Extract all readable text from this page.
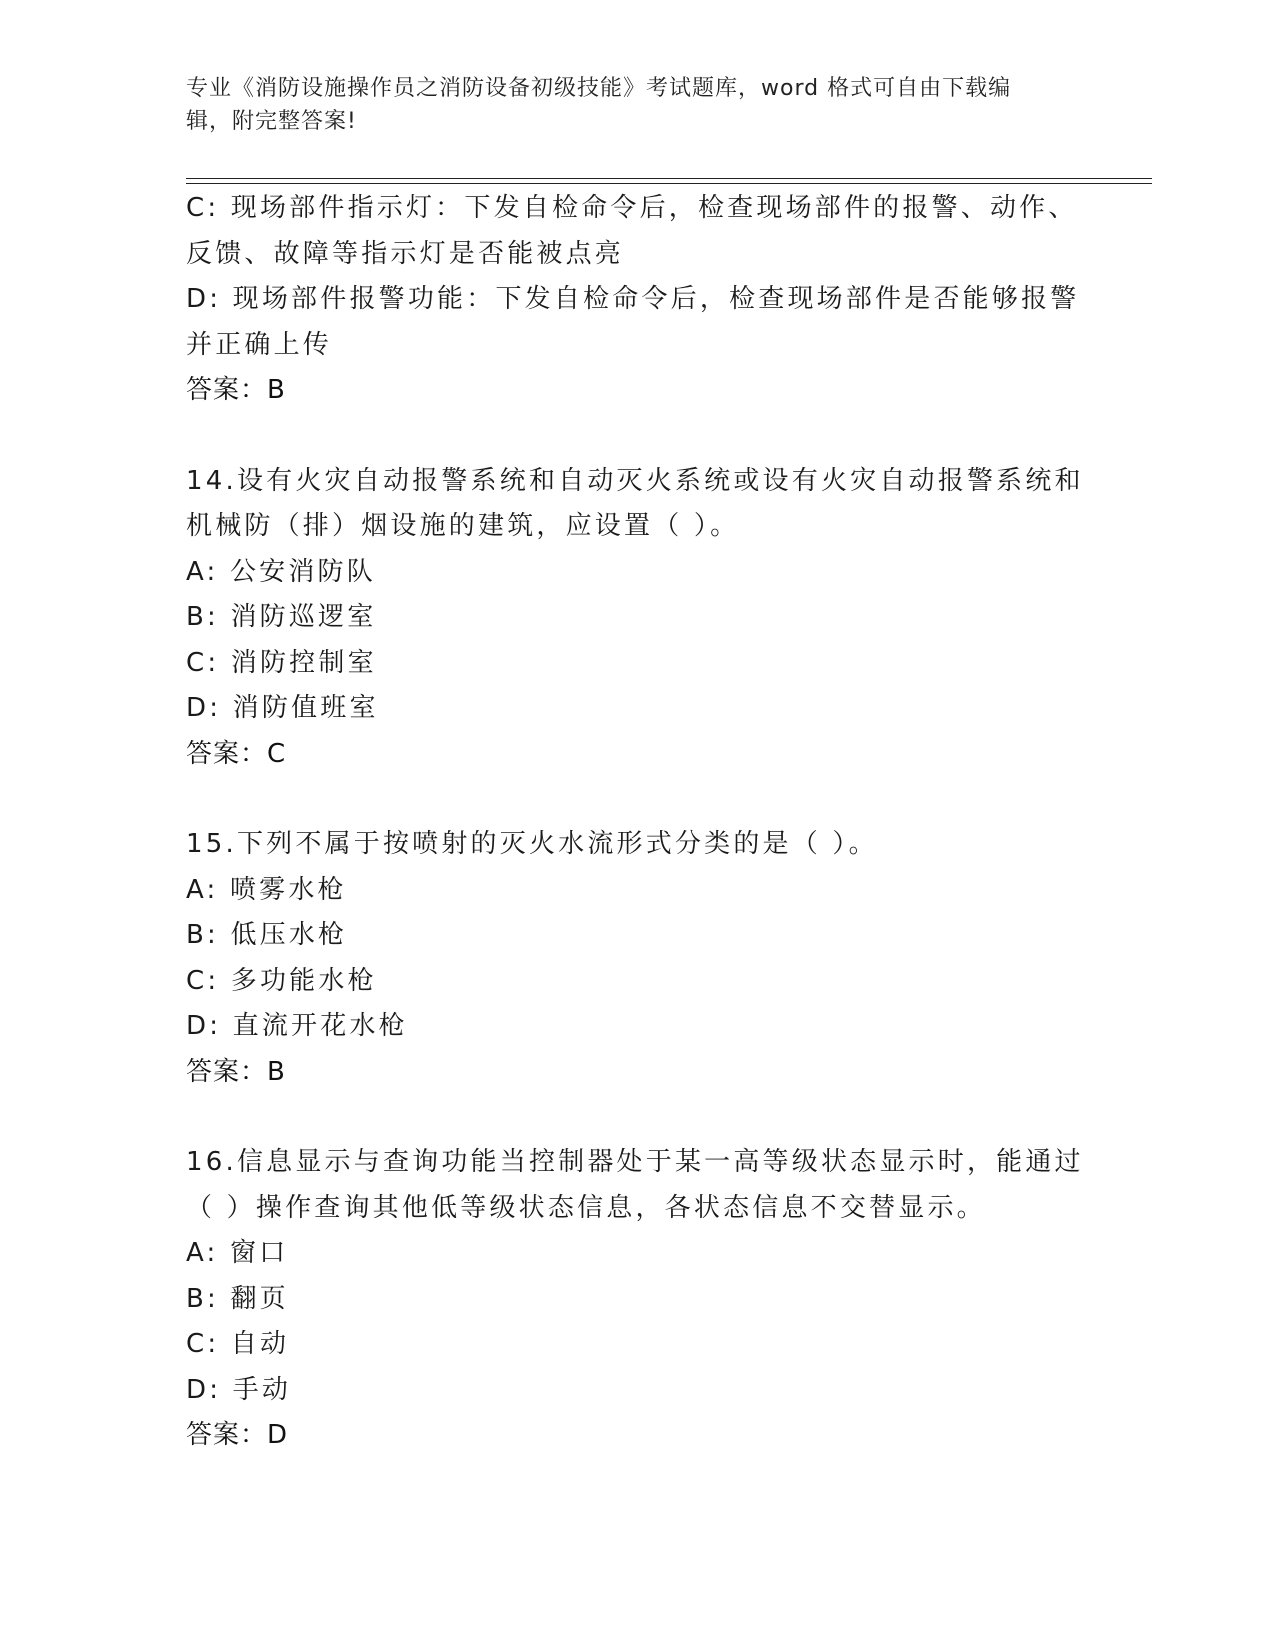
专业《消防设施操作员之消防设备初级技能》考试题库，word 格式可自由下载编
辑，附完整答案!
C: 现场部件指示灯：下发自检命令后，检查现场部件的报警、动作、
反馈、故障等指示灯是否能被点亮
D: 现场部件报警功能：下发自检命令后，检查现场部件是否能够报警
并正确上传
答案：B
14.设有火灾自动报警系统和自动灭火系统或设有火灾自动报警系统和
机械防（排）烟设施的建筑，应设置（ ）。
A: 公安消防队
B: 消防巡逻室
C: 消防控制室
D: 消防值班室
答案：C
15.下列不属于按喷射的灭火水流形式分类的是（ ）。
A: 喷雾水枪
B: 低压水枪
C: 多功能水枪
D: 直流开花水枪
答案：B
16.信息显示与查询功能当控制器处于某一高等级状态显示时，能通过
（ ）操作查询其他低等级状态信息，各状态信息不交替显示。
A: 窗口
B: 翻页
C: 自动
D: 手动
答案：D
